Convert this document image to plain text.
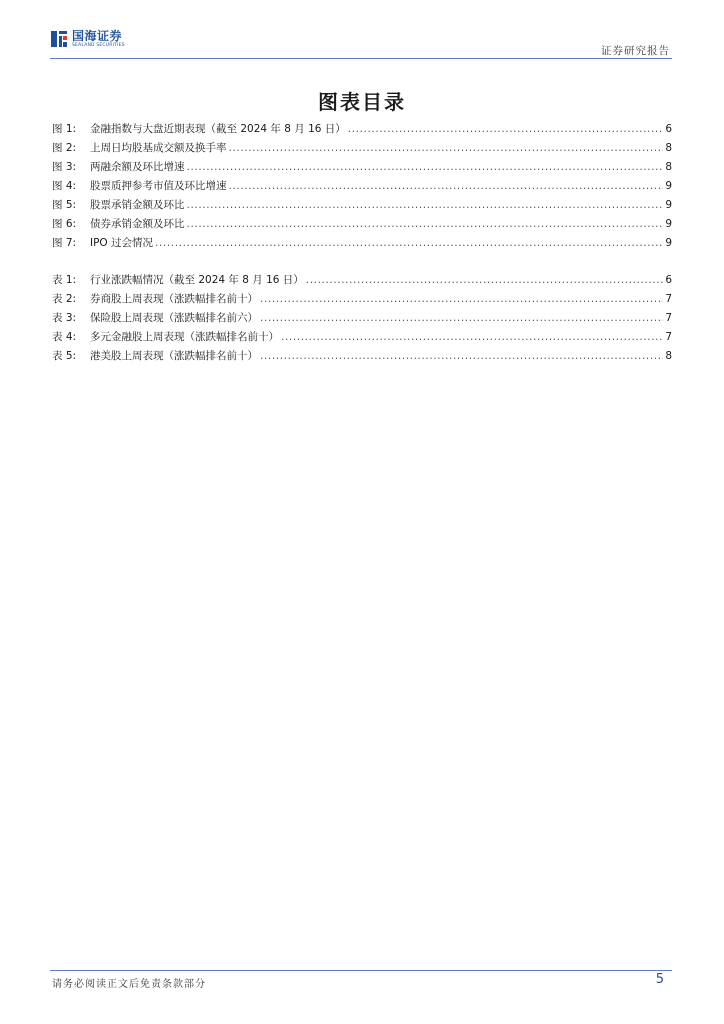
国海证券
SEALAND SECURITIES	证券研究报告
图表目录
图 1:	金融指数与大盘近期表现（截至 2024 年 8 月 16 日） .....	6
图 2:	上周日均股基成交额及换手率 .....	8
图 3:	两融余额及环比增速 .....	8
图 4:	股票质押参考市值及环比增速 .....	9
图 5:	股票承销金额及环比 .....	9
图 6:	债券承销金额及环比 .....	9
图 7:	IPO 过会情况 .....	9
表 1:	行业涨跌幅情况（截至 2024 年 8 月 16 日） .....	6
表 2:	券商股上周表现（涨跌幅排名前十） .....	7
表 3:	保险股上周表现（涨跌幅排名前六） .....	7
表 4:	多元金融股上周表现（涨跌幅排名前十） .....	7
表 5:	港美股上周表现（涨跌幅排名前十） .....	8
请务必阅读正文后免责条款部分	5
